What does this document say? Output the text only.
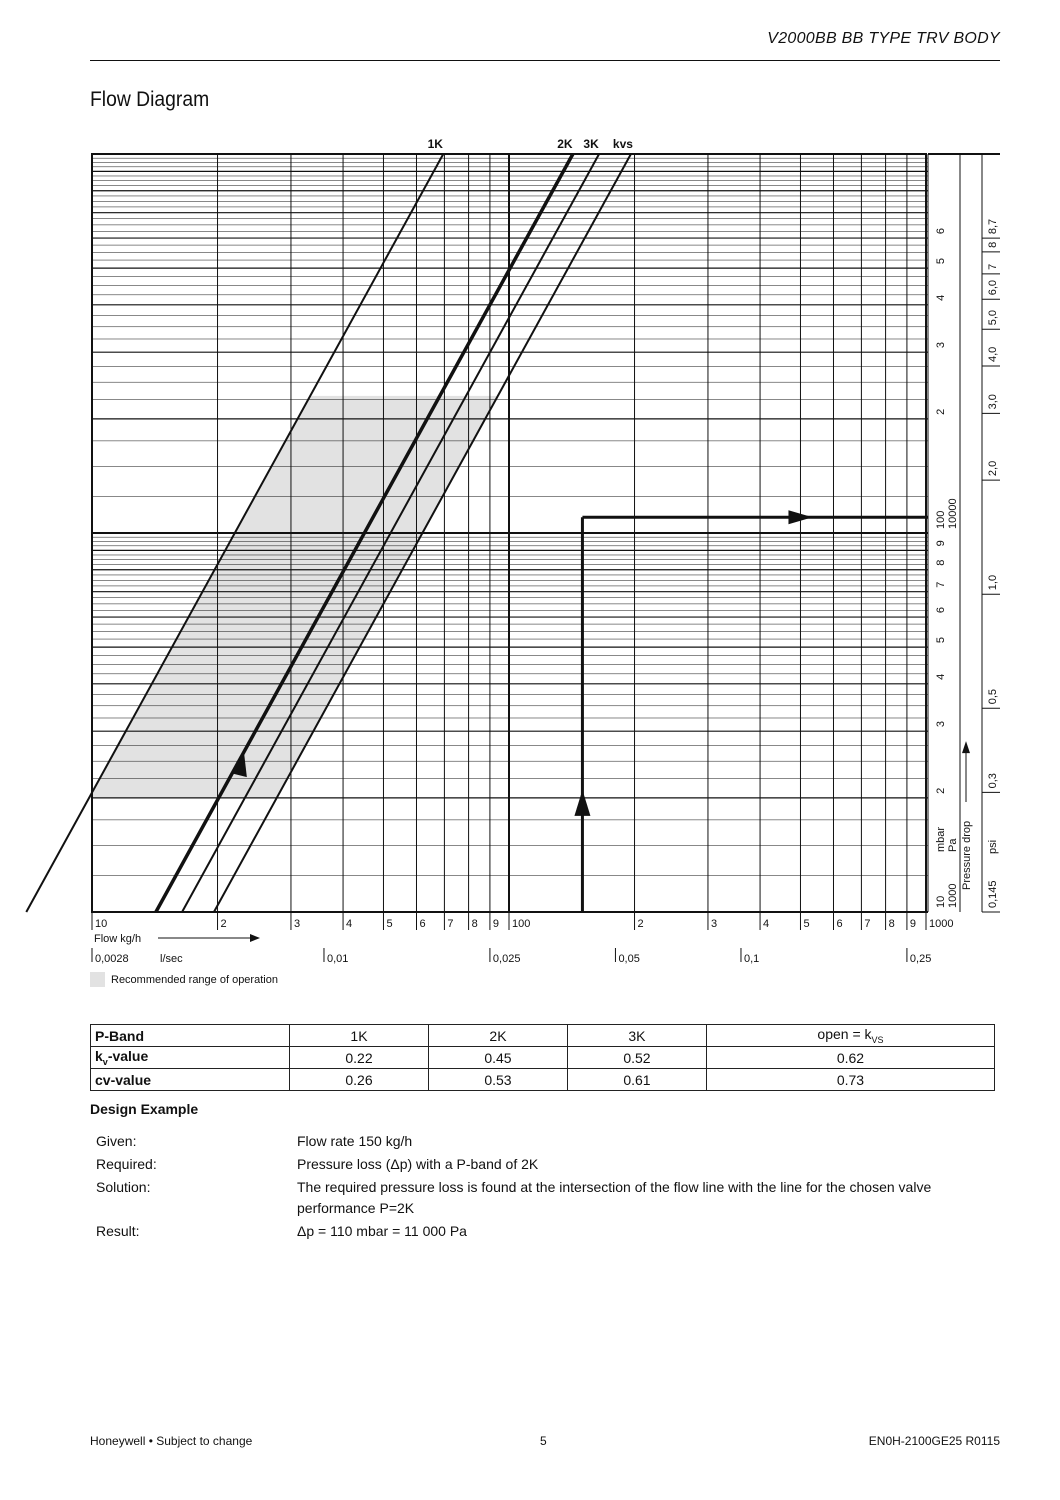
V2000BB BB TYPE TRV BODY
Flow Diagram
1K	2K 3K kvs
10	2	3	4	5 6 7 8 9 100	2	3	4	5 6 7 8 9 1000
Flow kg/h
0,0028	0,01	0,025	0,05	0,1	0,25
l/sec
10
2
3
4
5
6
7
8
9
100
2
3
4
5
6
1000
10000
mbar Pa Pressure drop psi
0,145
0,3
0,5
1,0
2,0
3,0
4,0
5,0
6,0
7
8
8,7
Recommended range of operation
P-Band	1K	2K	3K	open = $k_{VS}$
$k_v$-value	0.22	0.45	0.52	0.62
cv-value	0.26	0.53	0.61	0.73
Design Example
Given:	Flow rate 150 kg/h
Required:	Pressure loss (Δp) with a P-band of 2K
Solution:	The required pressure loss is found at the intersection of the flow line with the line for the chosen valve performance P=2K
Result:	Δp = 110 mbar = 11 000 Pa
Honeywell • Subject to change	5	EN0H-2100GE25 R0115
